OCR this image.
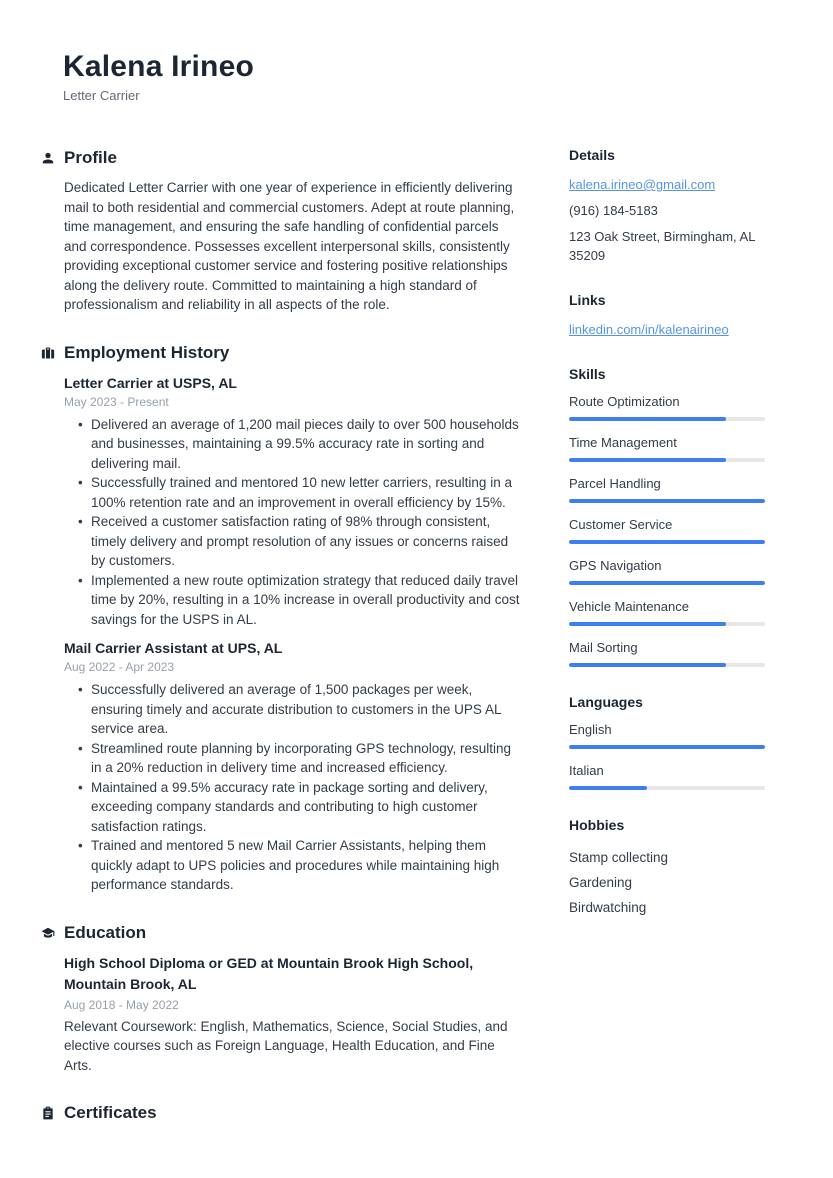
Kalena Irineo
Letter Carrier
Profile

Dedicated Letter Carrier with one year of experience in efficiently delivering mail to both residential and commercial customers. Adept at route planning, time management, and ensuring the safe handling of confidential parcels and correspondence. Possesses excellent interpersonal skills, consistently providing exceptional customer service and fostering positive relationships along the delivery route. Committed to maintaining a high standard of professionalism and reliability in all aspects of the role.

Employment History
Letter Carrier at USPS, AL
May 2023 - Present
• Delivered an average of 1,200 mail pieces daily to over 500 households and businesses, maintaining a 99.5% accuracy rate in sorting and delivering mail.
• Successfully trained and mentored 10 new letter carriers, resulting in a 100% retention rate and an improvement in overall efficiency by 15%.
• Received a customer satisfaction rating of 98% through consistent, timely delivery and prompt resolution of any issues or concerns raised by customers.
• Implemented a new route optimization strategy that reduced daily travel time by 20%, resulting in a 10% increase in overall productivity and cost savings for the USPS in AL.
Mail Carrier Assistant at UPS, AL
Aug 2022 - Apr 2023
• Successfully delivered an average of 1,500 packages per week, ensuring timely and accurate distribution to customers in the UPS AL service area.
• Streamlined route planning by incorporating GPS technology, resulting in a 20% reduction in delivery time and increased efficiency.
• Maintained a 99.5% accuracy rate in package sorting and delivery, exceeding company standards and contributing to high customer satisfaction ratings.
• Trained and mentored 5 new Mail Carrier Assistants, helping them quickly adapt to UPS policies and procedures while maintaining high performance standards.
Education
High School Diploma or GED at Mountain Brook High School, Mountain Brook, AL
Aug 2018 - May 2022

Relevant Coursework: English, Mathematics, Science, Social Studies, and elective courses such as Foreign Language, Health Education, and Fine Arts.

Certificates
Details
kalena.irineo@gmail.com
(916) 184-5183
123 Oak Street, Birmingham, AL 35209
Links
linkedin.com/in/kalenairineo
Skills
Route Optimization
Time Management
Parcel Handling
Customer Service
GPS Navigation
Vehicle Maintenance
Mail Sorting
Languages
English
Italian
Hobbies
Stamp collecting
Gardening
Birdwatching
